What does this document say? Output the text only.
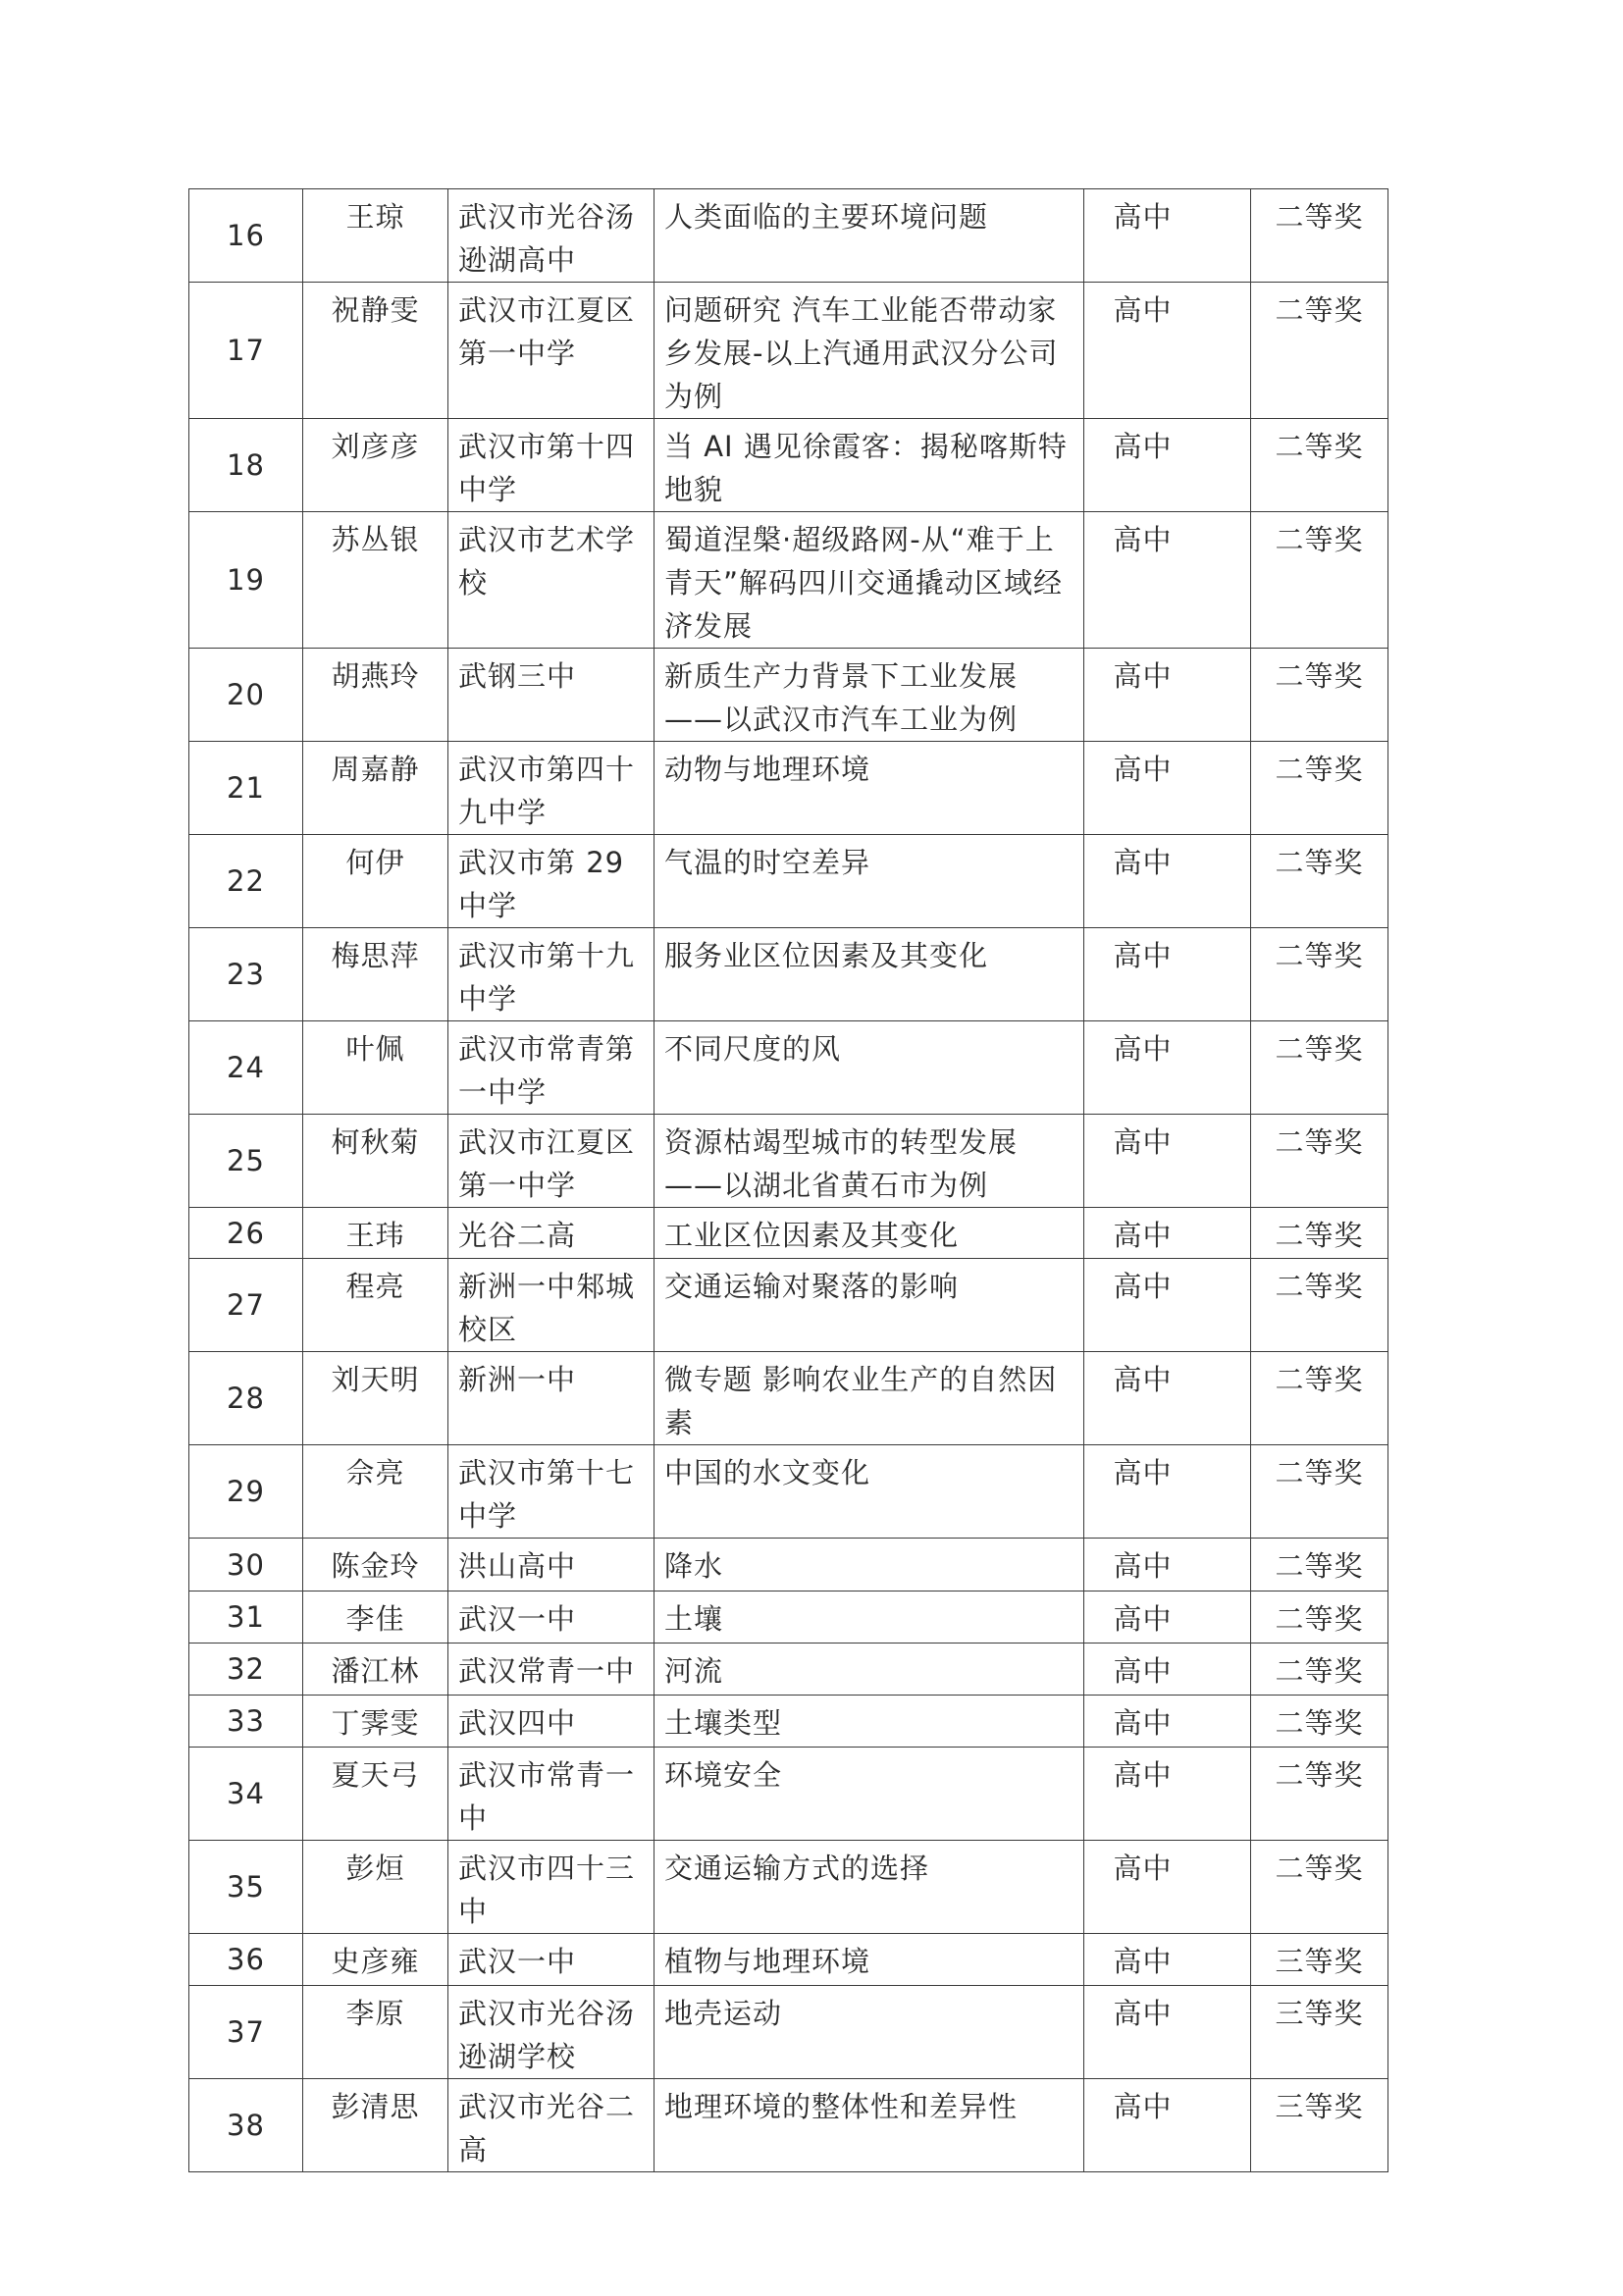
16	王琼	武汉市光谷汤逊湖高中	人类面临的主要环境问题	高中	二等奖
17	祝静雯	武汉市江夏区第一中学	问题研究 汽车工业能否带动家乡发展-以上汽通用武汉分公司为例	高中	二等奖
18	刘彦彦	武汉市第十四中学	当 AI 遇见徐霞客：揭秘喀斯特地貌	高中	二等奖
19	苏丛银	武汉市艺术学校	蜀道涅槃·超级路网-从“难于上青天”解码四川交通撬动区域经济发展	高中	二等奖
20	胡燕玲	武钢三中	新质生产力背景下工业发展——以武汉市汽车工业为例	高中	二等奖
21	周嘉静	武汉市第四十九中学	动物与地理环境	高中	二等奖
22	何伊	武汉市第 29 中学	气温的时空差异	高中	二等奖
23	梅思萍	武汉市第十九中学	服务业区位因素及其变化	高中	二等奖
24	叶佩	武汉市常青第一中学	不同尺度的风	高中	二等奖
25	柯秋菊	武汉市江夏区第一中学	资源枯竭型城市的转型发展——以湖北省黄石市为例	高中	二等奖
26	王玮	光谷二高	工业区位因素及其变化	高中	二等奖
27	程亮	新洲一中邾城校区	交通运输对聚落的影响	高中	二等奖
28	刘天明	新洲一中	微专题 影响农业生产的自然因素	高中	二等奖
29	佘亮	武汉市第十七中学	中国的水文变化	高中	二等奖
30	陈金玲	洪山高中	降水	高中	二等奖
31	李佳	武汉一中	土壤	高中	二等奖
32	潘江林	武汉常青一中	河流	高中	二等奖
33	丁霁雯	武汉四中	土壤类型	高中	二等奖
34	夏天弓	武汉市常青一中	环境安全	高中	二等奖
35	彭烜	武汉市四十三中	交通运输方式的选择	高中	二等奖
36	史彦雍	武汉一中	植物与地理环境	高中	三等奖
37	李原	武汉市光谷汤逊湖学校	地壳运动	高中	三等奖
38	彭清思	武汉市光谷二高	地理环境的整体性和差异性	高中	三等奖
